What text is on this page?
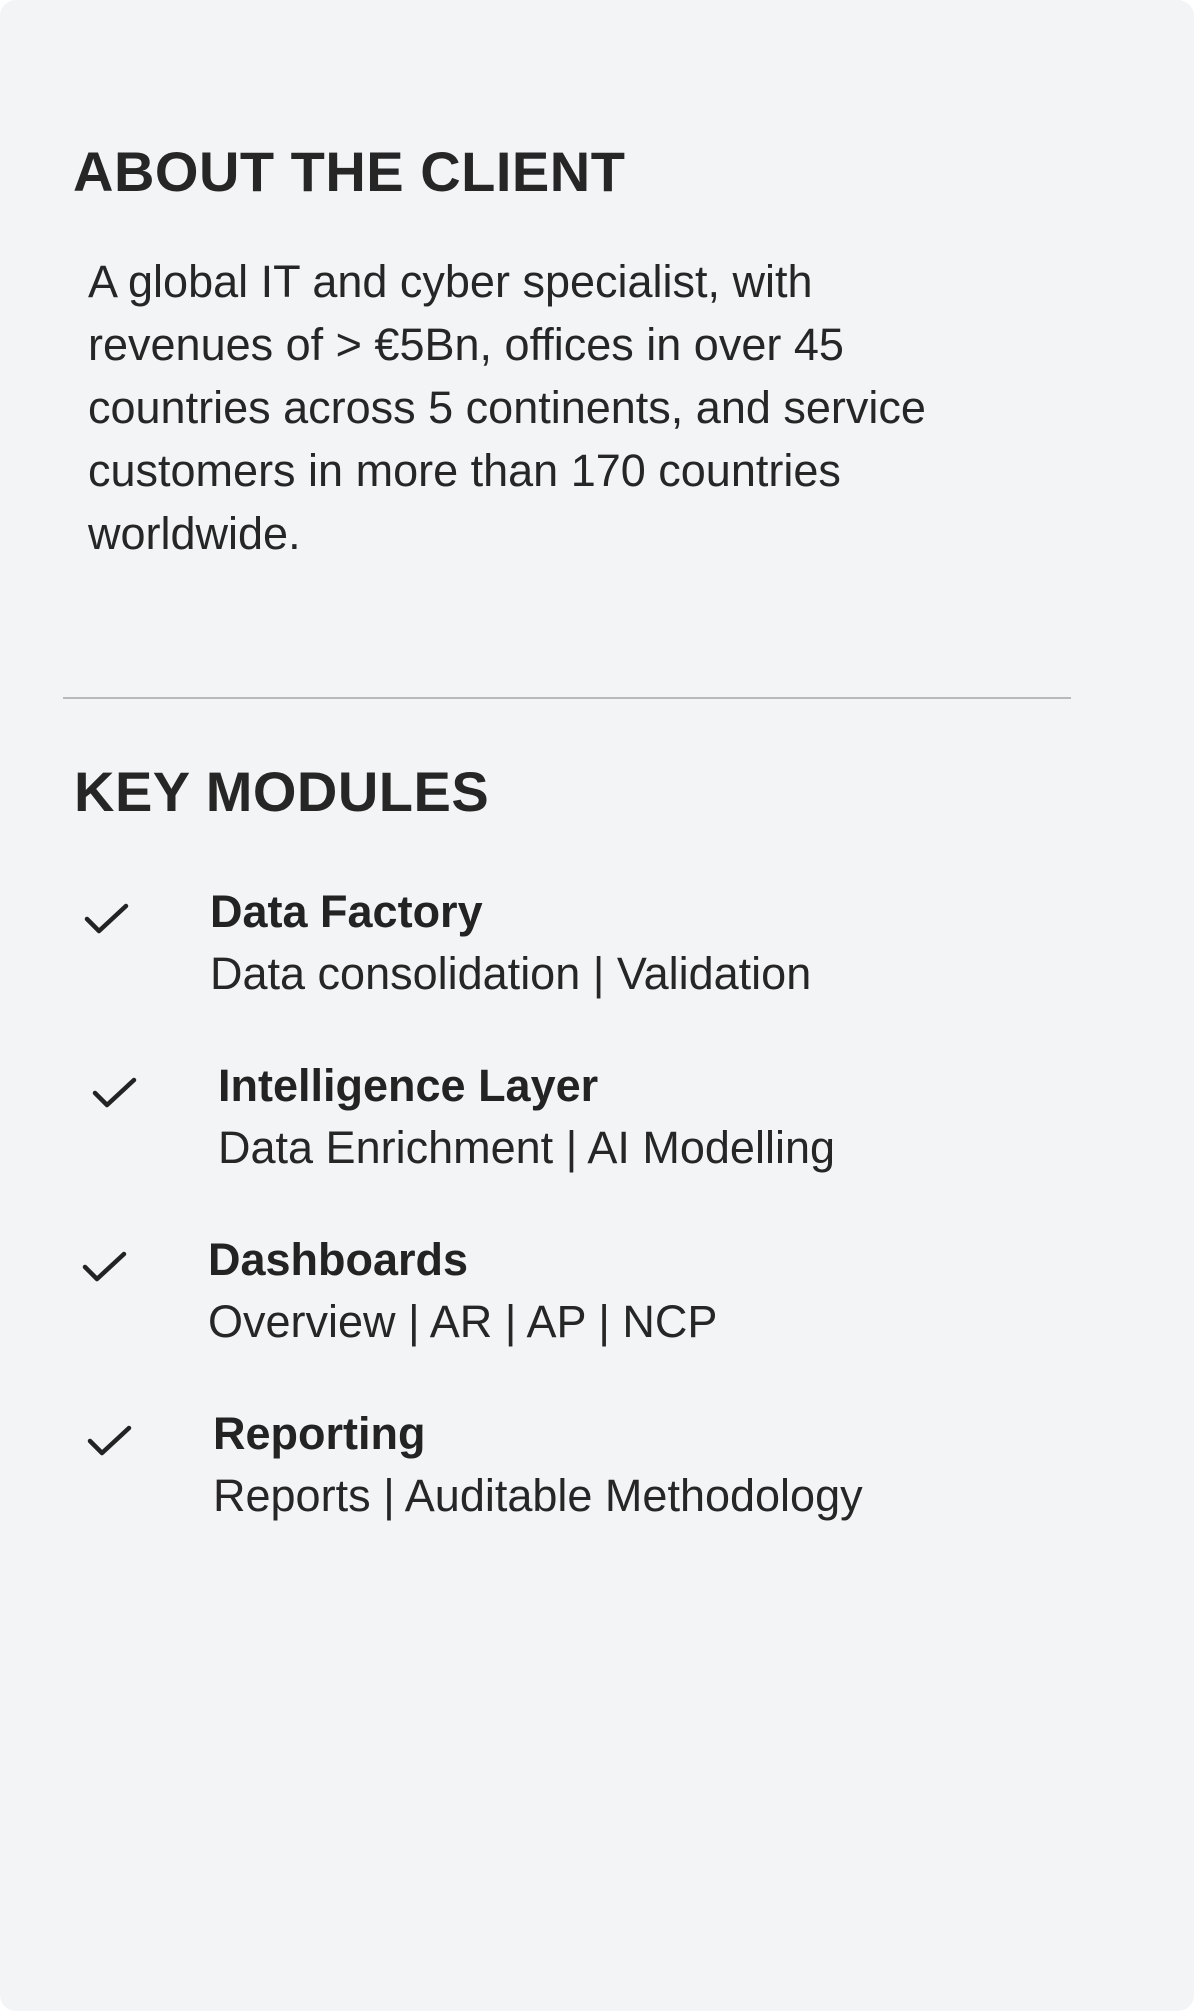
ABOUT THE CLIENT

A global IT and cyber specialist, with revenues of > €5Bn, offices in over 45 countries across 5 continents, and service customers in more than 170 countries worldwide.

KEY MODULES
Data Factory
Data consolidation | Validation
Intelligence Layer
Data Enrichment | AI Modelling
Dashboards
Overview | AR | AP | NCP
Reporting
Reports | Auditable Methodology
